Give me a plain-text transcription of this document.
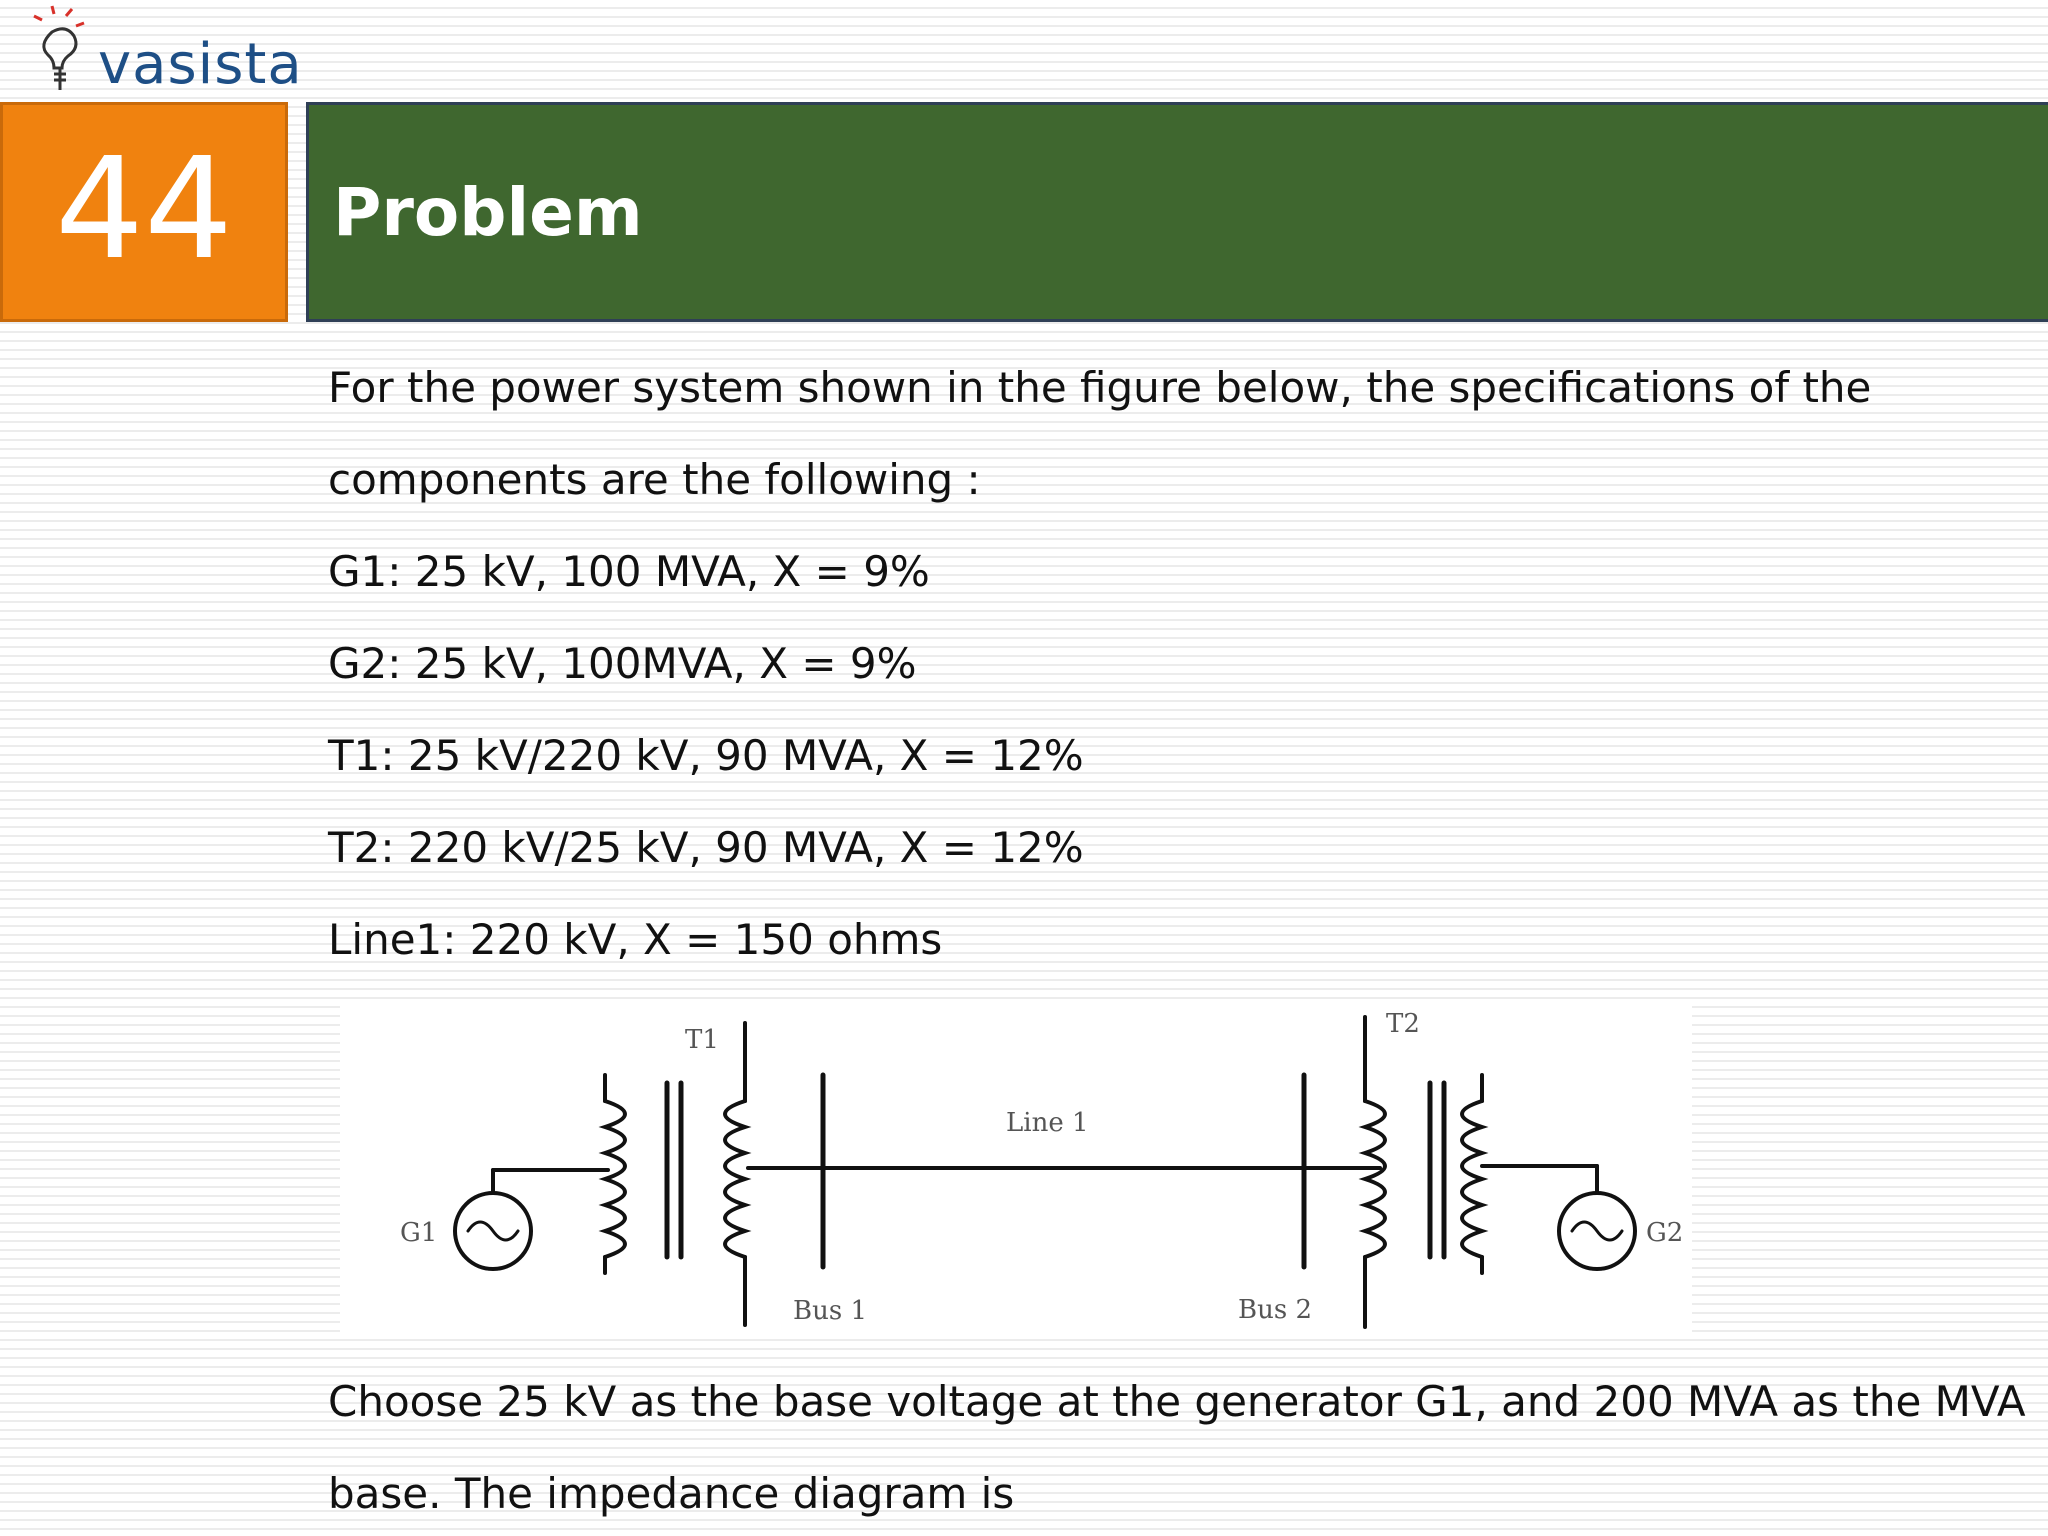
vasista
44	Problem
For the power system shown in the figure below, the specifications of the
components are the following :
G1: 25 kV, 100 MVA, X = 9%
G2: 25 kV, 100MVA, X = 9%
T1: 25 kV/220 kV, 90 MVA, X = 12%
T2: 220 kV/25 kV, 90 MVA, X = 12%
Line1: 220 kV, X = 150 ohms
G1	G2
T1
T2
Line 1
Bus 1	Bus 2
Choose 25 kV as the base voltage at the generator G1, and 200 MVA as the MVA
base. The impedance diagram is
